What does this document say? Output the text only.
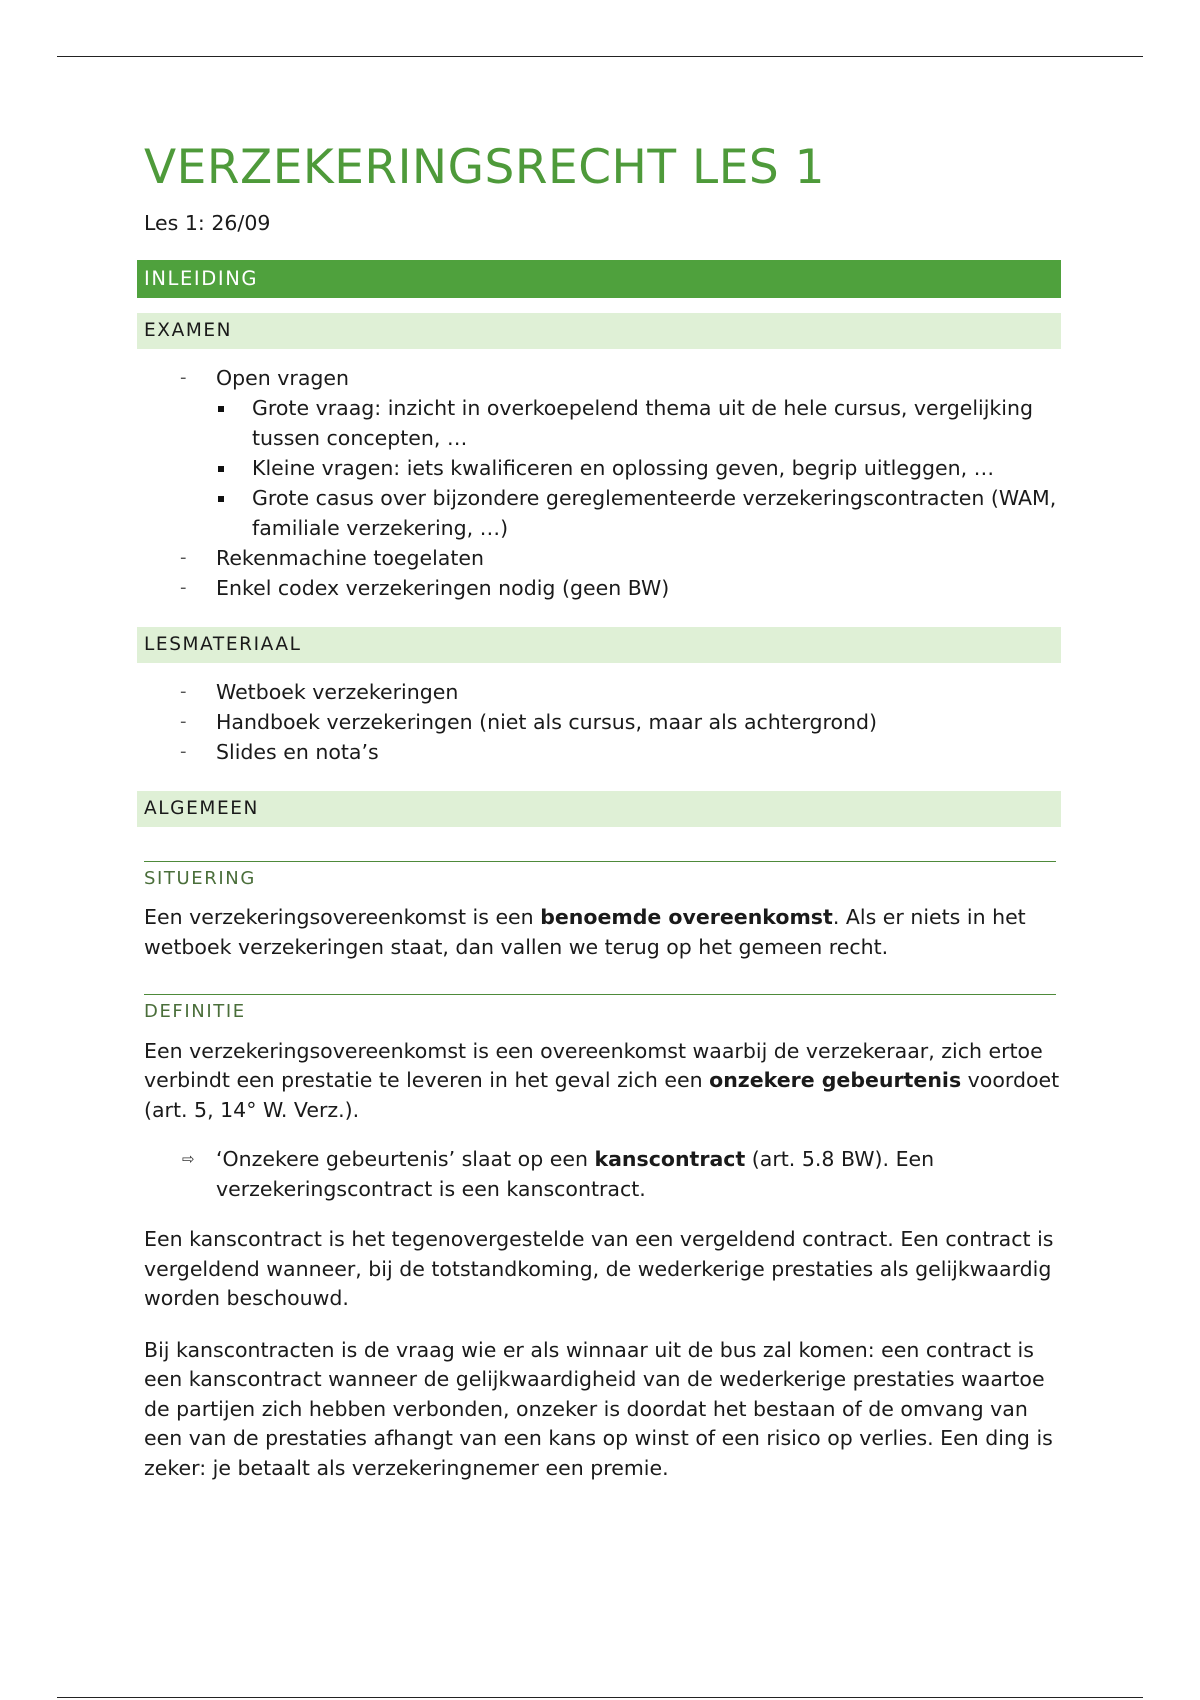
VERZEKERINGSRECHT LES 1
Les 1: 26/09
INLEIDING
EXAMEN
- Open vragen
Grote vraag: inzicht in overkoepelend thema uit de hele cursus, vergelijking tussen concepten, …
Kleine vragen: iets kwalificeren en oplossing geven, begrip uitleggen, …
Grote casus over bijzondere gereglementeerde verzekeringscontracten (WAM, familiale verzekering, …)
- Rekenmachine toegelaten
- Enkel codex verzekeringen nodig (geen BW)
LESMATERIAAL
- Wetboek verzekeringen
- Handboek verzekeringen (niet als cursus, maar als achtergrond)
- Slides en nota’s
ALGEMEEN
SITUERING

Een verzekeringsovereenkomst is een benoemde overeenkomst. Als er niets in het wetboek verzekeringen staat, dan vallen we terug op het gemeen recht.

DEFINITIE

Een verzekeringsovereenkomst is een overeenkomst waarbij de verzekeraar, zich ertoe verbindt een prestatie te leveren in het geval zich een onzekere gebeurtenis voordoet (art. 5, 14° W. Verz.).

⇨ ‘Onzekere gebeurtenis’ slaat op een kanscontract (art. 5.8 BW). Een verzekeringscontract is een kanscontract.

Een kanscontract is het tegenovergestelde van een vergeldend contract. Een contract is vergeldend wanneer, bij de totstandkoming, de wederkerige prestaties als gelijkwaardig worden beschouwd.

Bij kanscontracten is de vraag wie er als winnaar uit de bus zal komen: een contract is een kanscontract wanneer de gelijkwaardigheid van de wederkerige prestaties waartoe de partijen zich hebben verbonden, onzeker is doordat het bestaan of de omvang van een van de prestaties afhangt van een kans op winst of een risico op verlies. Een ding is zeker: je betaalt als verzekeringnemer een premie.
